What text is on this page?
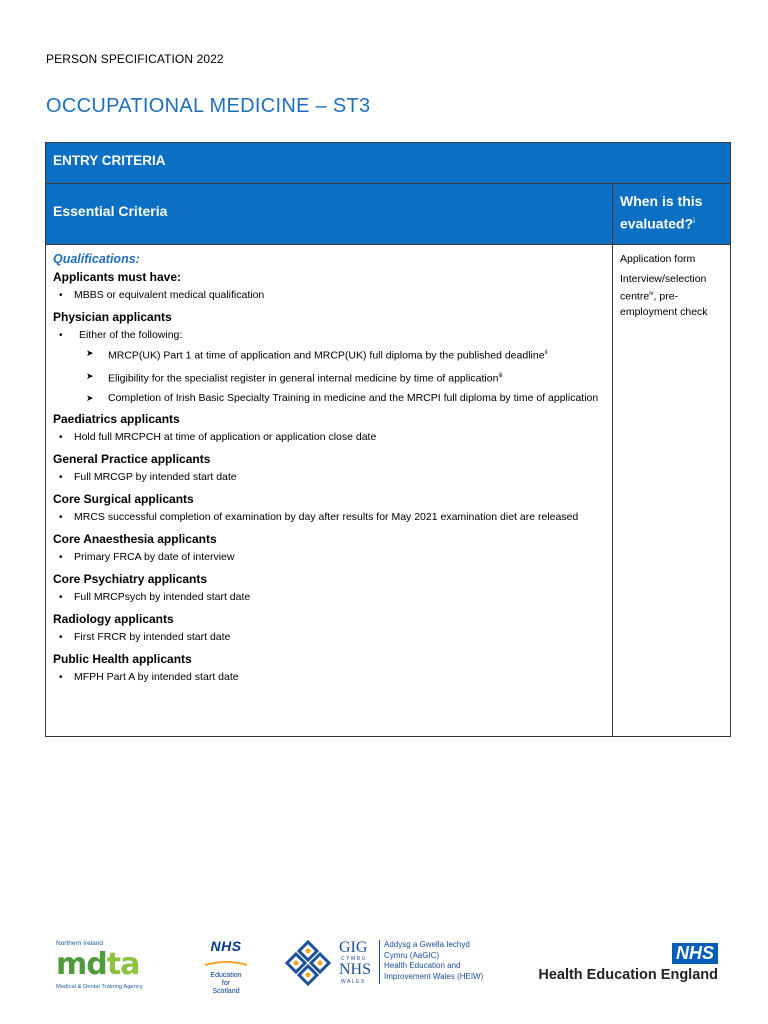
PERSON SPECIFICATION 2022
OCCUPATIONAL MEDICINE – ST3
ENTRY CRITERIA
Essential Criteria
When is this evaluated?$^i$
Qualifications:
Applicants must have:
• MBBS or equivalent medical qualification
Physician applicants
• Either of the following:
➤ MRCP(UK) Part 1 at time of application and MRCP(UK) full diploma by the published deadline$^{ii}$
➤ Eligibility for the specialist register in general internal medicine by time of application$^{iii}$
➤ Completion of Irish Basic Specialty Training in medicine and the MRCPI full diploma by time of application
Paediatrics applicants
• Hold full MRCPCH at time of application or application close date
General Practice applicants
• Full MRCGP by intended start date
Core Surgical applicants
• MRCS successful completion of examination by day after results for May 2021 examination diet are released
Core Anaesthesia applicants
• Primary FRCA by date of interview
Core Psychiatry applicants
• Full MRCPsych by intended start date
Radiology applicants
• First FRCR by intended start date
Public Health applicants
• MFPH Part A by intended start date

Application form

Interview/selection centre$^{iv}$, pre-employment check

Northern Ireland
mdta
Medical & Dental Training Agency
NHS
Education
for
Scotland
GIG
CYMRU
NHS
WALES
Addysg a Gwella Iechyd
Cymru (AaGIC)
Health Education and
Improvement Wales (HEIW)
NHS
Health Education England
